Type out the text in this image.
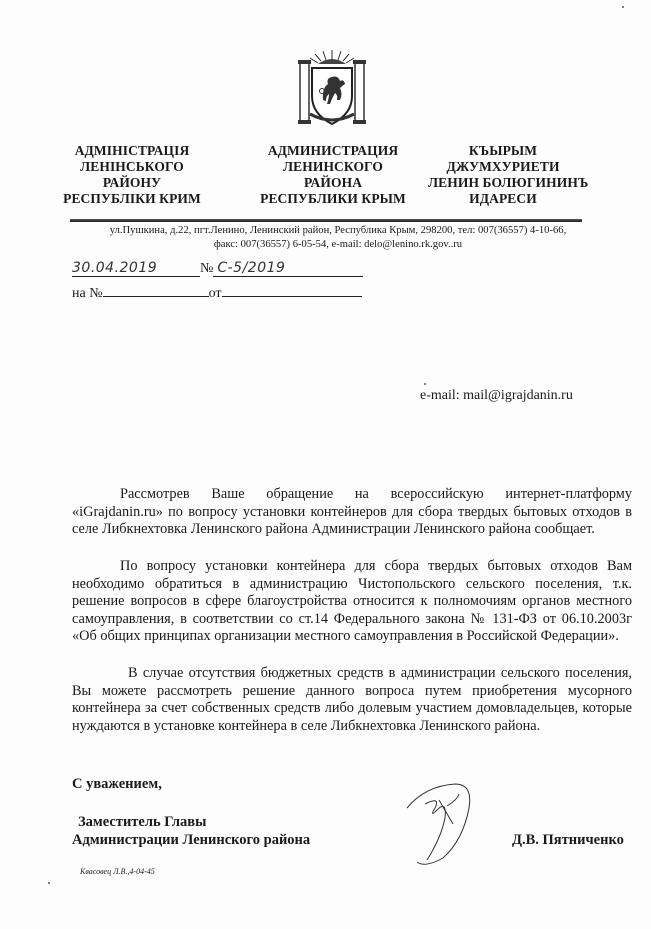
АДМІНІСТРАЦІЯ
ЛЕНІНСЬКОГО
РАЙОНУ
РЕСПУБЛІКИ КРИМ
АДМИНИСТРАЦИЯ
ЛЕНИНСКОГО
РАЙОНА
РЕСПУБЛИКИ КРЫМ
КЪЫРЫМ
ДЖУМХУРИЕТИ
ЛЕНИН БОЛЮГИНИНЪ
ИДАРЕСИ
ул.Пушкина, д.22, пгт.Ленино, Ленинский район, Республика Крым, 298200, тел: 007(36557) 4-10-66,
факс: 007(36557) 6-05-54, e-mail: delo@lenino.rk.gov..ru
30.04.2019	№ С-5/2019
на №	от
e-mail: mail@igrajdanin.ru

Рассмотрев Ваше обращение на всероссийскую интернет-платформу «iGrajdanin.ru» по вопросу установки контейнеров для сбора твердых бытовых отходов в селе Либкнехтовка Ленинского района Администрации Ленинского района сообщает.

По вопросу установки контейнера для сбора твердых бытовых отходов Вам необходимо обратиться в администрацию Чистопольского сельского поселения, т.к. решение вопросов в сфере благоустройства относится к полномочиям органов местного самоуправления, в соответствии со ст.14 Федерального закона № 131-ФЗ от 06.10.2003г «Об общих принципах организации местного самоуправления в Российской Федерации».

В случае отсутствия бюджетных средств в администрации сельского поселения, Вы можете рассмотреть решение данного вопроса путем приобретения мусорного контейнера за счет собственных средств либо долевым участием домовладельцев, которые нуждаются в установке контейнера в селе Либкнехтовка Ленинского района.

С уважением,
Заместитель Главы
Администрации Ленинского района	Д.В. Пятниченко
Квасовец Л.В.,4-04-45
